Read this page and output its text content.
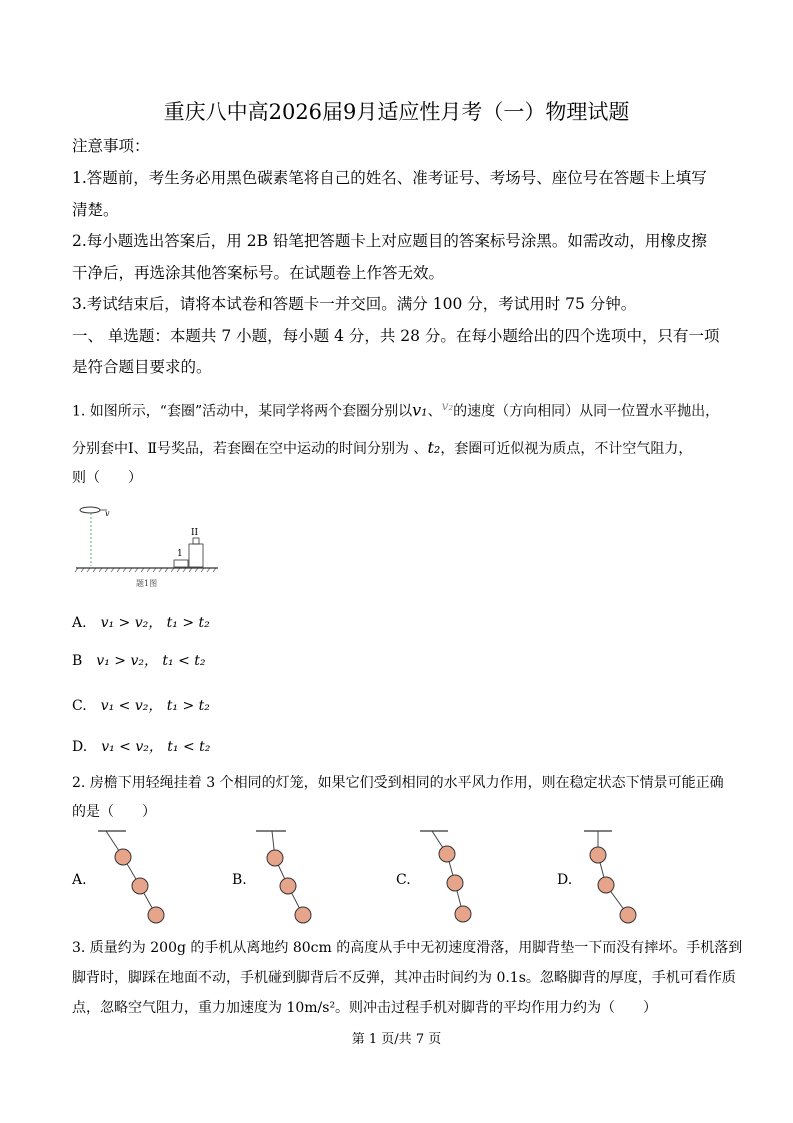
重庆八中高2026届9月适应性月考（一）物理试题
注意事项：
1.答题前，考生务必用黑色碳素笔将自己的姓名、准考证号、考场号、座位号在答题卡上填写
清楚。
2.每小题选出答案后，用 2B 铅笔把答题卡上对应题目的答案标号涂黑。如需改动，用橡皮擦
干净后，再选涂其他答案标号。在试题卷上作答无效。
3.考试结束后，请将本试卷和答题卡一并交回。满分 100 分，考试用时 75 分钟。
一、 单选题：本题共 7 小题，每小题 4 分，共 28 分。在每小题给出的四个选项中，只有一项
是符合题目要求的。
1. 如图所示，“套圈”活动中，某同学将两个套圈分别以v₁、v₂的速度（方向相同）从同一位置水平抛出，
分别套中Ⅰ、Ⅱ号奖品，若套圈在空中运动的时间分别为 、t₂，套圈可近似视为质点，不计空气阻力，
则（　　）
v
1
II
题1图
A. v₁ > v₂， t₁ > t₂
B v₁ > v₂， t₁ < t₂
C. v₁ < v₂， t₁ > t₂
D. v₁ < v₂， t₁ < t₂
2. 房檐下用轻绳挂着 3 个相同的灯笼，如果它们受到相同的水平风力作用，则在稳定状态下情景可能正确
的是（　　）
A.	B.	C.	D.
3. 质量约为 200g 的手机从离地约 80cm 的高度从手中无初速度滑落，用脚背垫一下而没有摔坏。手机落到
脚背时，脚踩在地面不动，手机碰到脚背后不反弹，其冲击时间约为 0.1s。忽略脚背的厚度，手机可看作质
点，忽略空气阻力，重力加速度为 10m/s²。则冲击过程手机对脚背的平均作用力约为（　　）
第 1 页/共 7 页
